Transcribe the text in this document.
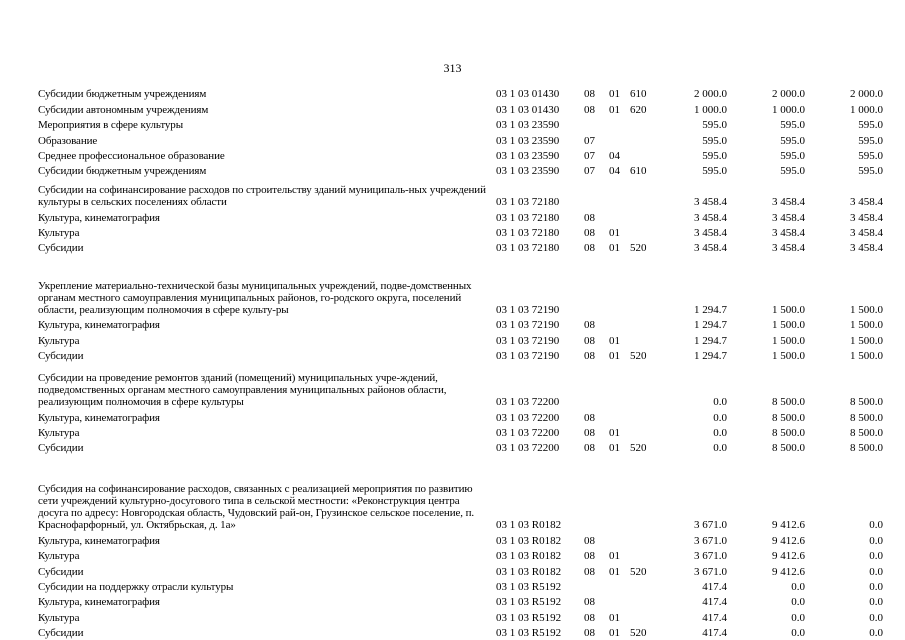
313
Субсидии бюджетным учреждениям	03 1 03 01430 08 01 610	2 000.0	2 000.0	2 000.0
Субсидии автономным учреждениям	03 1 03 01430 08 01 620	1 000.0	1 000.0	1 000.0
Мероприятия в сфере культуры	03 1 03 23590	595.0	595.0	595.0
Образование	03 1 03 23590 07	595.0	595.0	595.0
Среднее профессиональное образование	03 1 03 23590 07 04	595.0	595.0	595.0
Субсидии бюджетным учреждениям	03 1 03 23590 07 04 610	595.0	595.0	595.0
Субсидии на софинансирование расходов по строительству зданий муниципаль-ных учреждений культуры в сельских поселениях области	03 1 03 72180	3 458.4	3 458.4	3 458.4
Культура, кинематография	03 1 03 72180 08	3 458.4	3 458.4	3 458.4
Культура	03 1 03 72180 08 01	3 458.4	3 458.4	3 458.4
Субсидии	03 1 03 72180 08 01 520	3 458.4	3 458.4	3 458.4
Укрепление материально-технической базы муниципальных учреждений, подве-домственных органам местного самоуправления муниципальных районов, го-родского округа, поселений области, реализующим полномочия в сфере культу-ры	03 1 03 72190	1 294.7	1 500.0	1 500.0
Культура, кинематография	03 1 03 72190 08	1 294.7	1 500.0	1 500.0
Культура	03 1 03 72190 08 01	1 294.7	1 500.0	1 500.0
Субсидии	03 1 03 72190 08 01 520	1 294.7	1 500.0	1 500.0
Субсидии на проведение ремонтов зданий (помещений) муниципальных учре-ждений, подведомственных органам местного самоуправления муниципальных районов области, реализующим полномочия в сфере культуры	03 1 03 72200	0.0	8 500.0	8 500.0
Культура, кинематография	03 1 03 72200 08	0.0	8 500.0	8 500.0
Культура	03 1 03 72200 08 01	0.0	8 500.0	8 500.0
Субсидии	03 1 03 72200 08 01 520	0.0	8 500.0	8 500.0
Субсидия на софинансирование расходов, связанных с реализацией мероприятия по развитию сети учреждений культурно-досугового типа в сельской местности: «Реконструкция центра досуга по адресу: Новгородская область, Чудовский рай-он, Грузинское сельское поселение, п. Краснофарфорный, ул. Октябрьская, д. 1а»	03 1 03 R0182	3 671.0	9 412.6	0.0
Культура, кинематография	03 1 03 R0182 08	3 671.0	9 412.6	0.0
Культура	03 1 03 R0182 08 01	3 671.0	9 412.6	0.0
Субсидии	03 1 03 R0182 08 01 520	3 671.0	9 412.6	0.0
Субсидии на поддержку отрасли культуры	03 1 03 R5192	417.4	0.0	0.0
Культура, кинематография	03 1 03 R5192 08	417.4	0.0	0.0
Культура	03 1 03 R5192 08 01	417.4	0.0	0.0
Субсидии	03 1 03 R5192 08 01 520	417.4	0.0	0.0
